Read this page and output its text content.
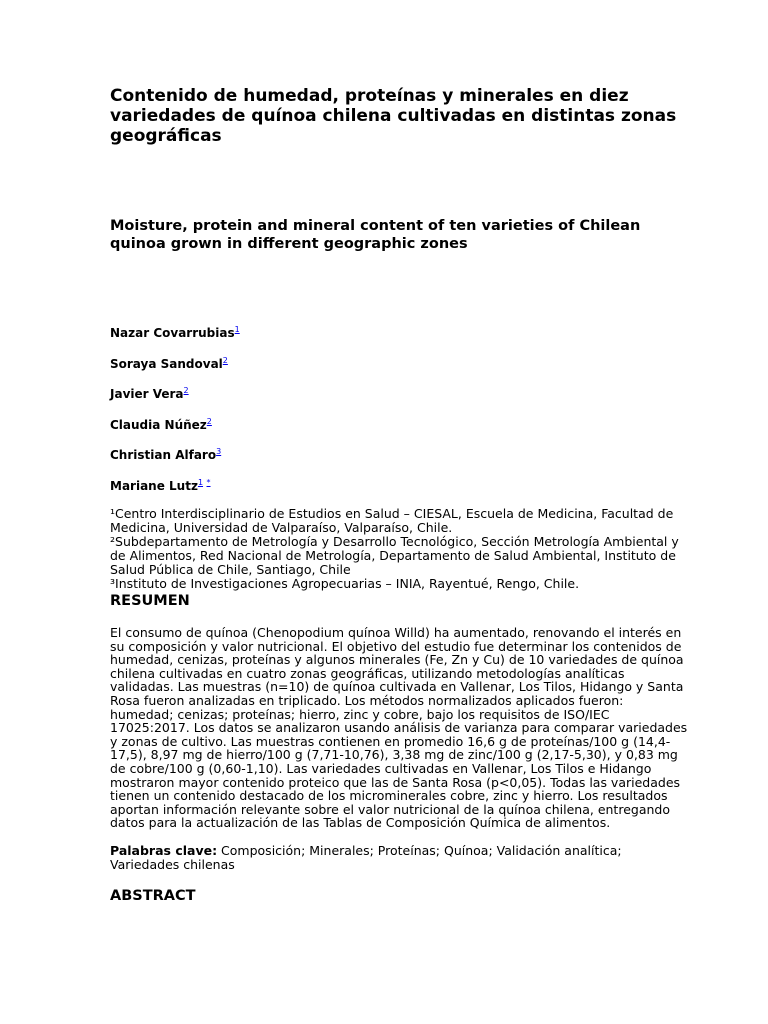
Contenido de humedad, proteínas y minerales en diez variedades de quínoa chilena cultivadas en distintas zonas geográficas
Moisture, protein and mineral content of ten varieties of Chilean quinoa grown in different geographic zones
Nazar Covarrubias$^1$
Soraya Sandoval$^2$
Javier Vera$^2$
Claudia Núñez$^2$
Christian Alfaro$^3$
Mariane Lutz$^{1 *}$

¹Centro Interdisciplinario de Estudios en Salud – CIESAL, Escuela de Medicina, Facultad de Medicina, Universidad de Valparaíso, Valparaíso, Chile.

²Subdepartamento de Metrología y Desarrollo Tecnológico, Sección Metrología Ambiental y de Alimentos, Red Nacional de Metrología, Departamento de Salud Ambiental, Instituto de Salud Pública de Chile, Santiago, Chile

³Instituto de Investigaciones Agropecuarias – INIA, Rayentué, Rengo, Chile.

RESUMEN

El consumo de quínoa (Chenopodium quínoa Willd) ha aumentado, renovando el interés en su composición y valor nutricional. El objetivo del estudio fue determinar los contenidos de humedad, cenizas, proteínas y algunos minerales (Fe, Zn y Cu) de 10 variedades de quínoa chilena cultivadas en cuatro zonas geográficas, utilizando metodologías analíticas validadas. Las muestras (n=10) de quínoa cultivada en Vallenar, Los Tilos, Hidango y Santa Rosa fueron analizadas en triplicado. Los métodos normalizados aplicados fueron: humedad; cenizas; proteínas; hierro, zinc y cobre, bajo los requisitos de ISO/IEC 17025:2017. Los datos se analizaron usando análisis de varianza para comparar variedades y zonas de cultivo. Las muestras contienen en promedio 16,6 g de proteínas/100 g (14,4-17,5), 8,97 mg de hierro/100 g (7,71-10,76), 3,38 mg de zinc/100 g (2,17-5,30), y 0,83 mg de cobre/100 g (0,60-1,10). Las variedades cultivadas en Vallenar, Los Tilos e Hidango mostraron mayor contenido proteico que las de Santa Rosa (p<0,05). Todas las variedades tienen un contenido destacado de los microminerales cobre, zinc y hierro. Los resultados aportan información relevante sobre el valor nutricional de la quínoa chilena, entregando datos para la actualización de las Tablas de Composición Química de alimentos.

Palabras clave: Composición; Minerales; Proteínas; Quínoa; Validación analítica; Variedades chilenas

ABSTRACT
